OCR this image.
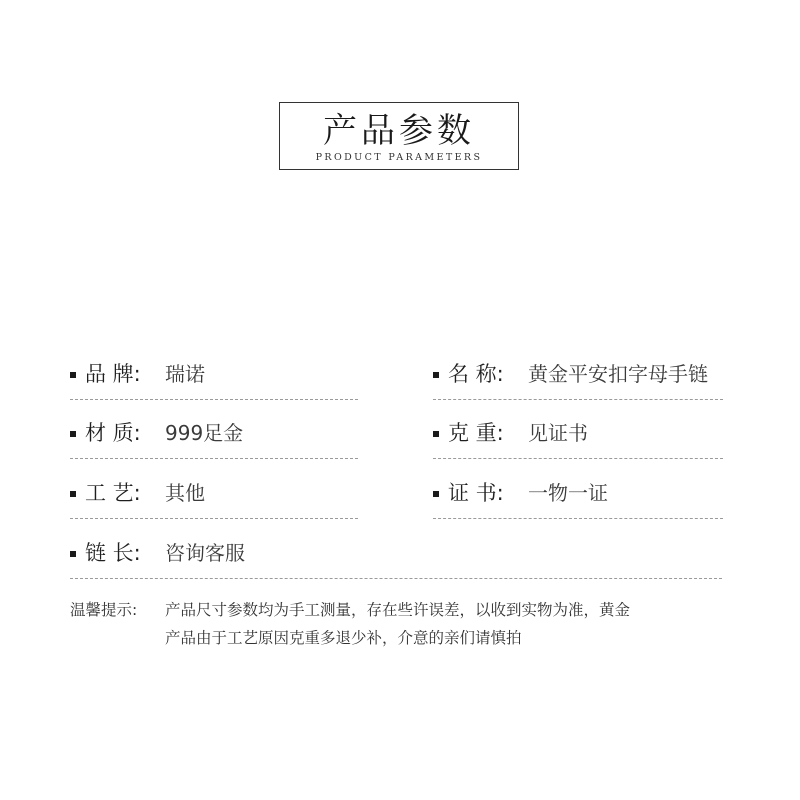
产品参数
PRODUCT PARAMETERS
品 牌: 瑞诺	名 称: 黄金平安扣字母手链
材 质: 999足金	克 重: 见证书
工 艺: 其他	证 书: 一物一证
链 长: 咨询客服
温馨提示: 产品尺寸参数均为手工测量，存在些许误差，以收到实物为准，黄金
产品由于工艺原因克重多退少补，介意的亲们请慎拍
